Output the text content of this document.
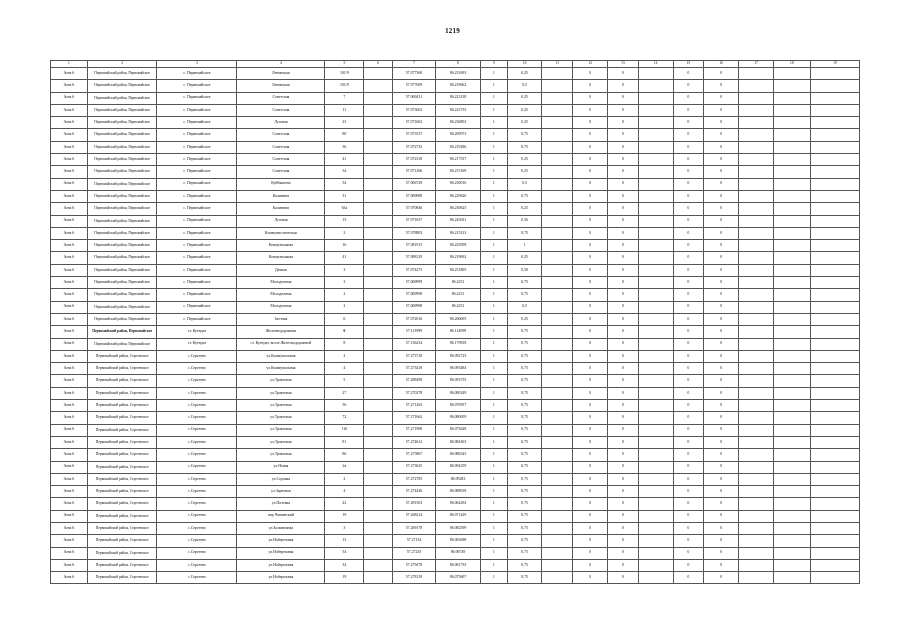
1219
1	2	3	4	5	6	7	8	9	10	11	12	13	14	15	16	17	18	19
Зона 6	Первомайский район, Первомайское	с. Первомайское	Ленинская	101/9		57.077368	86.231693	1	0,25		0	0		0	0			
Зона 6	Первомайский район, Первомайское	с. Первомайское	Ленинская	101/9		57.077609	86.219662	1	0,5		0	0		0	0			
Зона 6	Первомайский район, Первомайское	с. Первомайское	Советская	7		57.069431	86.223138	1	0,25		0	0		0	0			
Зона 6	Первомайский район, Первомайское	с. Первомайское	Советская	11		57.073602	86.223735	1	0,25		0	0		0	0			
Зона 6	Первомайский район, Первомайское	с. Первомайское	Луговая	23		57.071602	86.236802	1	0,25		0	0		0	0			
Зона 6	Первомайский район, Первомайское	с. Первомайское	Советская	80		57.073537	86.209973	1	0,75		0	0		0	0			
Зона 6	Первомайский район, Первомайское	с. Первомайское	Советская	56		57.072733	86.219286	1	0,75		0	0		0	0			
Зона 6	Первомайский район, Первомайское	с. Первомайское	Советская	41		57.072318	86.217537	1	0,25		0	0		0	0			
Зона 6	Первомайский район, Первомайское	с. Первомайское	Советская	54		57.071266	86.215169	1	0,25		0	0		0	0			
Зона 6	Первомайский район, Первомайское	с. Первомайское	Куйбышева	54		57.066729	86.230016	1	0,5		0	0		0	0			
Зона 6	Первомайский район, Первомайское	с. Первомайское	Калинина	31		57.069088	86.229626	1	0,75		0	0		0	0			
Зона 6	Первомайский район, Первомайское	с. Первомайское	Калинина	63а		57.070846	86.230625	1	0,25		0	0		0	0			
Зона 6	Первомайский район, Первомайское	с. Первомайское	Луговая	15		57.071637	86.245031	1	0,56		0	0		0	0			
Зона 6	Первомайский район, Первомайское	с. Первомайское	Коммунистическая	2		57.078803	86.215313	1	0,75		0	0		0	0			
Зона 6	Первомайский район, Первомайское	с. Первомайское	Коммунальная	16		57.081913	86.225958	1	1		0	0		0	0			
Зона 6	Первомайский район, Первомайское	с. Первомайское	Коммунальная	41		57.088129	86.219692	1	0,25		0	0		0	0			
Зона 6	Первомайский район, Первомайское	с. Первомайское	Дачная	3		57.074273	86.251805	1	0,58		0	0		0	0			
Зона 6	Первомайский район, Первомайское	с. Первомайское	Молодежная	3		57.069999	86.2251	1	0,75		0	0		0	0			
Зона 6	Первомайский район, Первомайское	с. Первомайское	Молодежная	2		57.069998	86.2251	1	0,75		0	0		0	0			
Зона 6	Первомайский район, Первомайское	с. Первомайское	Молодежная	2		57.069998	86.2251	1	0,5		0	0		0	0			
Зона 6	Первомайский район, Первомайское	с. Первомайское	Заозная	6		57.072616	86.266005	1	0,25		0	0		0	0			
Зона 6	Первомайский район, Первомайское	ст. Куендат	Железнодорожная	6		57.113999	86.114099	1	0,75		0	0		0	0			
Зона 6	Первомайский район, Первомайское	ст. Куендат	ст. Куендат, возле Железнодорожной	8		57.136234	86.179818	1	0,75		0	0		0	0			
Зона 6	Первомайский район, Сергеевское	с.Сергеево	ул.Коммунальная	2		57.273718	86.092725	1	0,75		0	0		0	0			
Зона 6	Первомайский район, Сергеевское	с.Сергеево	ул.Коммунальная	4		57.273418	86.093484	1	0,75		0	0		0	0			
Зона 6	Первомайский район, Сергеевское	с.Сергеево	ул.Трактовая	5		57.288498	86.093755	1	0,75		0	0		0	0			
Зона 6	Первомайский район, Сергеевское	с.Сергеево	ул.Трактовая	27		57.270278	86.080249	1	0,75		0	0		0	0			
Зона 6	Первомайский район, Сергеевское	с.Сергеево	ул.Трактовая	56		57.271263	86.076957	1	0,75		0	0		0	0			
Зона 6	Первомайский район, Сергеевское	с.Сергеево	ул.Трактовая	72		57.271662	86.080659	1	0,75		0	0		0	0			
Зона 6	Первомайский район, Сергеевское	с.Сергеево	ул.Трактовая	116		57.271908	86.073628	1	0,75		0	0		0	0			
Зона 6	Первомайский район, Сергеевское	с.Сергеево	ул.Трактовая	81		57.274612	86.084363	1	0,75		0	0		0	0			
Зона 6	Первомайский район, Сергеевское	с.Сергеево	ул.Трактовая	86		57.275867	86.086545	1	0,75		0	0		0	0			
Зона 6	Первомайский район, Сергеевское	с.Сергеево	ул.Новая	2а		57.273635	86.094259	1	0,75		0	0		0	0			
Зона 6	Первомайский район, Сергеевское	с.Сергеево	ул.Садовая	2		57.272785	86.09283	1	0,75		0	0		0	0			
Зона 6	Первомайский район, Сергеевское	с.Сергеево	ул.Заречная	4		57.274426	86.088918	1	0,75		0	0		0	0			
Зона 6	Первомайский район, Сергеевское	с.Сергеево	ул.Полевая	22		57.281503	86.064294	1	0,75		0	0		0	0			
Зона 6	Первомайский район, Сергеевское	с.Сергеево	пер.Чапаевский	19		57.268214	86.071429	1	0,75		0	0		0	0			
Зона 6	Первомайский район, Сергеевское	с.Сергеево	ул.Больничная	3		57.269178	86.082599	1	0,75		0	0		0	0			
Зона 6	Первомайский район, Сергеевское	с.Сергеево	ул.Набережная	13		57.27134	86.063698	1	0,75		0	0		0	0			
Зона 6	Первомайский район, Сергеевское	с.Сергеево	ул.Набережная	54		57.27235	86.06749	1	0,75		0	0		0	0			
Зона 6	Первомайский район, Сергеевское	с.Сергеево	ул.Набережная	34		57.279478	86.061735	1	0,75		0	0		0	0			
Зона 6	Первомайский район, Сергеевское	с.Сергеево	ул.Набережная	19		57.278118	86.075607	1	0,75		0	0		0	0			
